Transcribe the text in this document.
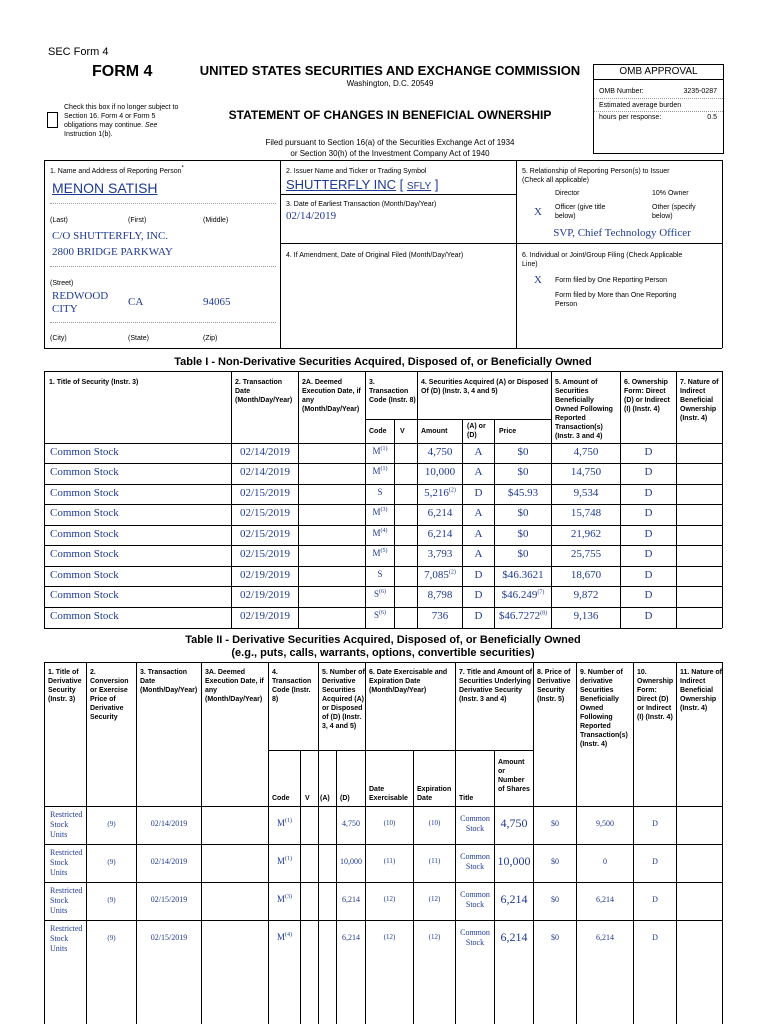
SEC Form 4
FORM 4	UNITED STATES SECURITIES AND EXCHANGE COMMISSION
Washington, D.C. 20549
Check this box if no longer subject to
Section 16. Form 4 or Form 5
obligations may continue. See
Instruction 1(b).
STATEMENT OF CHANGES IN BENEFICIAL OWNERSHIP
Filed pursuant to Section 16(a) of the Securities Exchange Act of 1934
or Section 30(h) of the Investment Company Act of 1940
OMB APPROVAL
OMB Number:	3235-0287
Estimated average burden
hours per response:	0.5
1. Name and Address of Reporting Person*
MENON SATISH
(Last)	(First)	(Middle)
C/O SHUTTERFLY, INC.
2800 BRIDGE PARKWAY
(Street)
REDWOOD CITY
CA	94065
(City)	(State)	(Zip)
2. Issuer Name and Ticker or Trading Symbol
SHUTTERFLY INC [ SFLY ]
3. Date of Earliest Transaction (Month/Day/Year)
02/14/2019
4. If Amendment, Date of Original Filed (Month/Day/Year)
5. Relationship of Reporting Person(s) to Issuer
(Check all applicable)
Director	10% Owner
X Officer (give title
below)
Other (specify
below)
SVP, Chief Technology Officer
6. Individual or Joint/Group Filing (Check Applicable
Line)
X Form filed by One Reporting Person
Form filed by More than One Reporting
Person
Table I - Non-Derivative Securities Acquired, Disposed of, or Beneficially Owned
1. Title of Security (Instr. 3)	2. Transaction Date (Month/Day/Year)
2A. Deemed Execution Date, if any (Month/Day/Year)
3. Transaction Code (Instr. 8)
4. Securities Acquired (A) or Disposed Of (D) (Instr. 3, 4 and 5)
5. Amount of Securities Beneficially Owned Following Reported Transaction(s) (Instr. 3 and 4)
6. Ownership Form: Direct (D) or Indirect (I) (Instr. 4)
7. Nature of Indirect Beneficial Ownership (Instr. 4)
Code V Amount
(A) or (D)
Price
Common Stock	02/14/2019	$M^{(1)}$	4,750	A	$0	4,750	D
Common Stock	02/14/2019	$M^{(1)}$	10,000	A	$0	14,750	D
Common Stock	02/15/2019	S	5,216$^{(2)}$	D	$45.93	9,534	D
Common Stock	02/15/2019	$M^{(3)}$	6,214	A	$0	15,748	D
Common Stock	02/15/2019	$M^{(4)}$	6,214	A	$0	21,962	D
Common Stock	02/15/2019	$M^{(5)}$	3,793	A	$0	25,755	D
Common Stock	02/19/2019	S	7,085$^{(2)}$	D	$46.3621	18,670	D
Common Stock	02/19/2019	$S^{(6)}$	8,798	D	$46.249$^{(7)}$	9,872	D
Common Stock	02/19/2019	$S^{(6)}$	736	D	$46.7272$^{(8)}$	9,136	D
Table II - Derivative Securities Acquired, Disposed of, or Beneficially Owned
(e.g., puts, calls, warrants, options, convertible securities)
1. Title of Derivative Security (Instr. 3)
2. Conversion or Exercise Price of Derivative Security
3. Transaction Date (Month/Day/Year)
3A. Deemed Execution Date, if any (Month/Day/Year)
4. Transaction Code (Instr. 8)
5. Number of Derivative Securities Acquired (A) or Disposed of (D) (Instr. 3, 4 and 5)
6. Date Exercisable and Expiration Date (Month/Day/Year)
7. Title and Amount of Securities Underlying Derivative Security (Instr. 3 and 4)
8. Price of Derivative Security (Instr. 5)
9. Number of derivative Securities Beneficially Owned Following Reported Transaction(s) (Instr. 4)
10. Ownership Form: Direct (D) or Indirect (I) (Instr. 4)
11. Nature of Indirect Beneficial Ownership (Instr. 4)
Code V (A) (D)
Date Exercisable
Expiration Date	Title
Amount or Number of Shares
Restricted Stock Units
(9)	02/14/2019	$M^{(1)}$	4,750	(10)	(10)	Common Stock	4,750	$0	9,500	D
Restricted Stock Units
(9)	02/14/2019	$M^{(1)}$	10,000	(11)	(11)	Common Stock	10,000	$0	0	D
Restricted Stock Units
(9)	02/15/2019	$M^{(3)}$	6,214	(12)	(12)	Common Stock	6,214	$0	6,214	D
Restricted Stock Units
(9)	02/15/2019	$M^{(4)}$	6,214	(12)	(12)	Common Stock	6,214	$0	6,214	D
